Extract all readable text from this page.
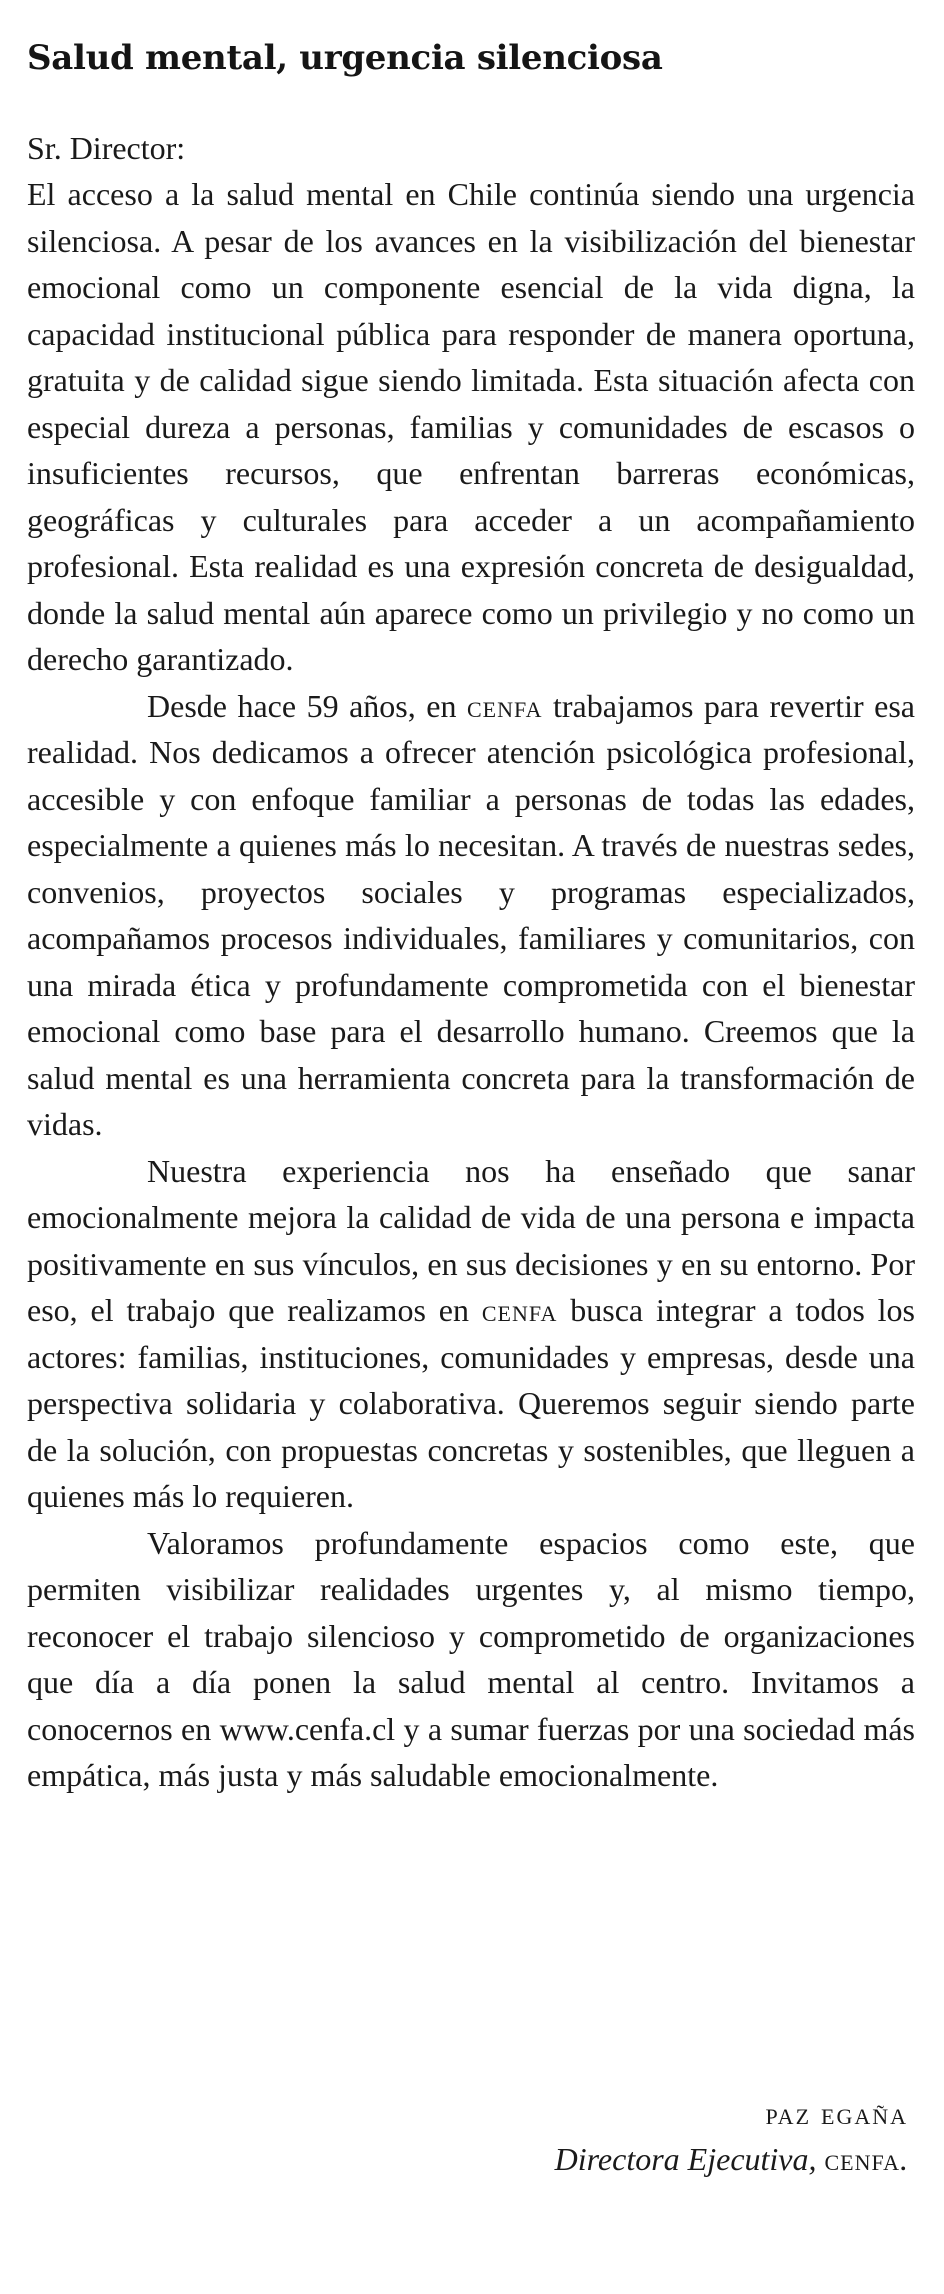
Salud mental, urgencia silenciosa

Sr. Director:

El acceso a la salud mental en Chile continúa siendo una urgencia silenciosa. A pesar de los avances en la visibilización del bienestar emocional como un componente esencial de la vida digna, la capacidad institucional pública para responder de manera oportuna, gratuita y de calidad sigue siendo limitada. Esta situación afecta con especial dureza a personas, familias y comunidades de escasos o insuficientes recursos, que enfrentan barreras económicas, geográficas y culturales para acceder a un acompañamiento profesional. Esta realidad es una expresión concreta de desigualdad, donde la salud mental aún aparece como un privilegio y no como un derecho garantizado.

Desde hace 59 años, en cenfa trabajamos para revertir esa realidad. Nos dedicamos a ofrecer atención psicológica profesional, accesible y con enfoque familiar a personas de todas las edades, especialmente a quienes más lo necesitan. A través de nuestras sedes, convenios, proyectos sociales y programas especializados, acompañamos procesos individuales, familiares y comunitarios, con una mirada ética y profundamente comprometida con el bienestar emocional como base para el desarrollo humano. Creemos que la salud mental es una herramienta concreta para la transformación de vidas.

Nuestra experiencia nos ha enseñado que sanar emocionalmente mejora la calidad de vida de una persona e impacta positivamente en sus vínculos, en sus decisiones y en su entorno. Por eso, el trabajo que realizamos en cenfa busca integrar a todos los actores: familias, instituciones, comunidades y empresas, desde una perspectiva solidaria y colaborativa. Queremos seguir siendo parte de la solución, con propuestas concretas y sostenibles, que lleguen a quienes más lo requieren.

Valoramos profundamente espacios como este, que permiten visibilizar realidades urgentes y, al mismo tiempo, reconocer el trabajo silencioso y comprometido de organizaciones que día a día ponen la salud mental al centro. Invitamos a conocernos en www.cenfa.cl y a sumar fuerzas por una sociedad más empática, más justa y más saludable emocionalmente.

paz egaña

Directora Ejecutiva, cenfa.
